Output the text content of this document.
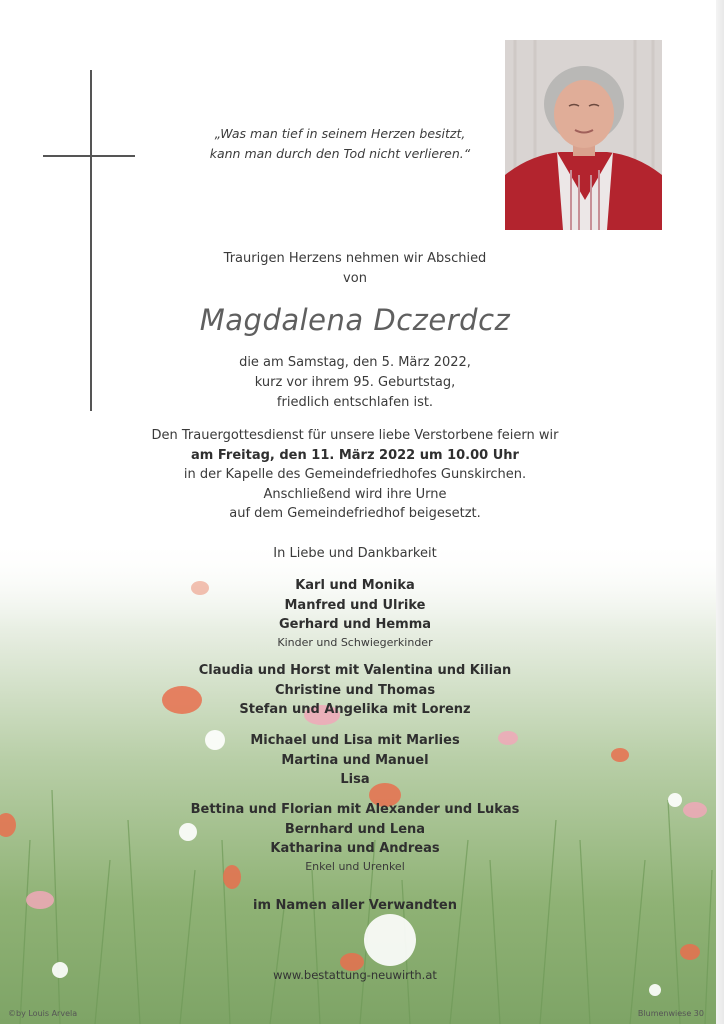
„Was man tief in seinem Herzen besitzt,
kann man durch den Tod nicht verlieren.“
Traurigen Herzens nehmen wir Abschied
von
Magdalena Dczerdcz
die am Samstag, den 5. März 2022,
kurz vor ihrem 95. Geburtstag,
friedlich entschlafen ist.
Den Trauergottesdienst für unsere liebe Verstorbene feiern wir
am Freitag, den 11. März 2022 um 10.00 Uhr
in der Kapelle des Gemeindefriedhofes Gunskirchen.
Anschließend wird ihre Urne
auf dem Gemeindefriedhof beigesetzt.
In Liebe und Dankbarkeit
Karl und Monika
Manfred und Ulrike
Gerhard und Hemma
Kinder und Schwiegerkinder
Claudia und Horst mit Valentina und Kilian
Christine und Thomas
Stefan und Angelika mit Lorenz
Michael und Lisa mit Marlies
Martina und Manuel
Lisa
Bettina und Florian mit Alexander und Lukas
Bernhard und Lena
Katharina und Andreas
Enkel und Urenkel
im Namen aller Verwandten
www.bestattung-neuwirth.at
©by Louis Arvela	Blumenwiese 30
